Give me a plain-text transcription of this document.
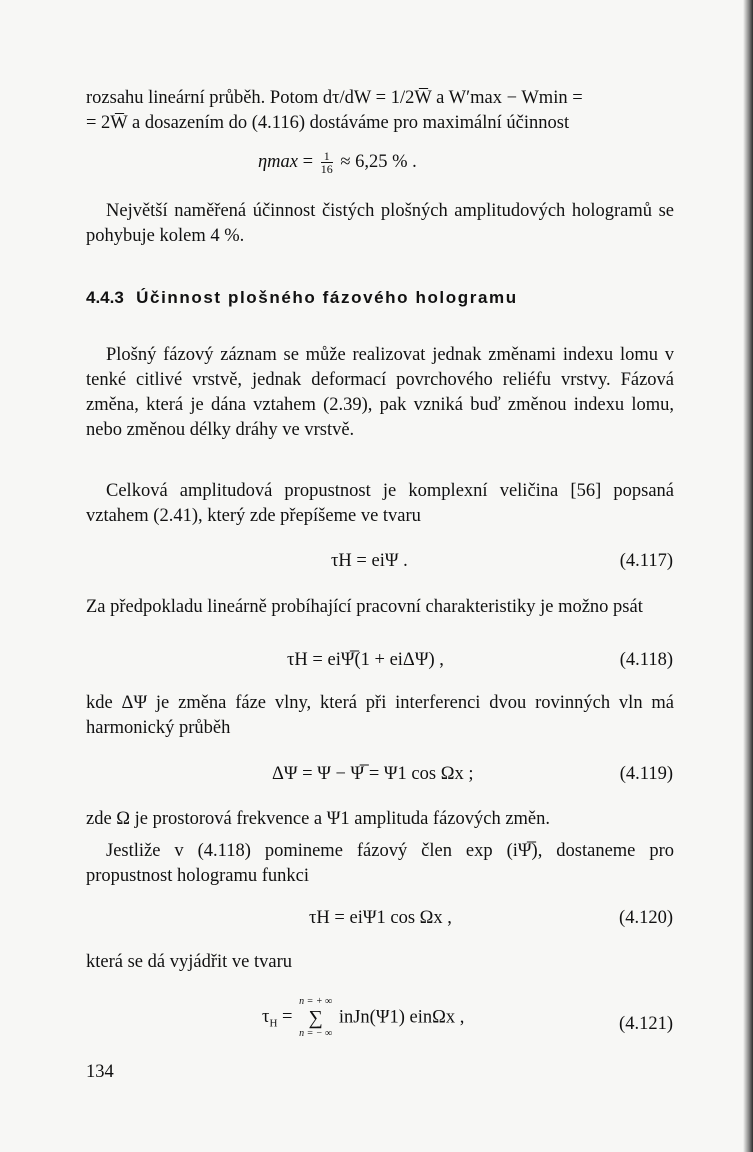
rozsahu lineární průběh. Potom dτ/dW = 1/2W̅ a W′max − Wmin =
= 2W̅ a dosazením do (4.116) dostáváme pro maximální účinnost
$\eta\max = \frac{1}{16} \approx 6,25$ % .
Největší naměřená účinnost čistých plošných amplitudových hologramů se pohybuje kolem 4 %.
4.4.3 Účinnost plošného fázového hologramu
Plošný fázový záznam se může realizovat jednak změnami indexu lomu v tenké citlivé vrstvě, jednak deformací povrchového reliéfu vrstvy. Fázová změna, která je dána vztahem (2.39), pak vzniká buď změnou indexu lomu, nebo změnou délky dráhy ve vrstvě.
Celková amplitudová propustnost je komplexní veličina [56] popsaná vztahem (2.41), který zde přepíšeme ve tvaru
τH = eiΨ .	(4.117)
Za předpokladu lineárně probíhající pracovní charakteristiky je možno psát
τH = eiΨ̅(1 + eiΔΨ) ,	(4.118)
kde ΔΨ je změna fáze vlny, která při interferenci dvou rovinných vln má harmonický průběh
ΔΨ = Ψ − Ψ̅ = Ψ1 cos Ωx ;	(4.119)
zde Ω je prostorová frekvence a Ψ1 amplituda fázových změn.
Jestliže v (4.118) pomineme fázový člen exp (iΨ̅), dostaneme pro propustnost hologramu funkci
τH = eiΨ1 cos Ωx ,	(4.120)
která se dá vyjádřit ve tvaru
$\tau_H$ =
n = + ∞
∑
n = − ∞
inJn(Ψ1) einΩx ,	(4.121)
134
